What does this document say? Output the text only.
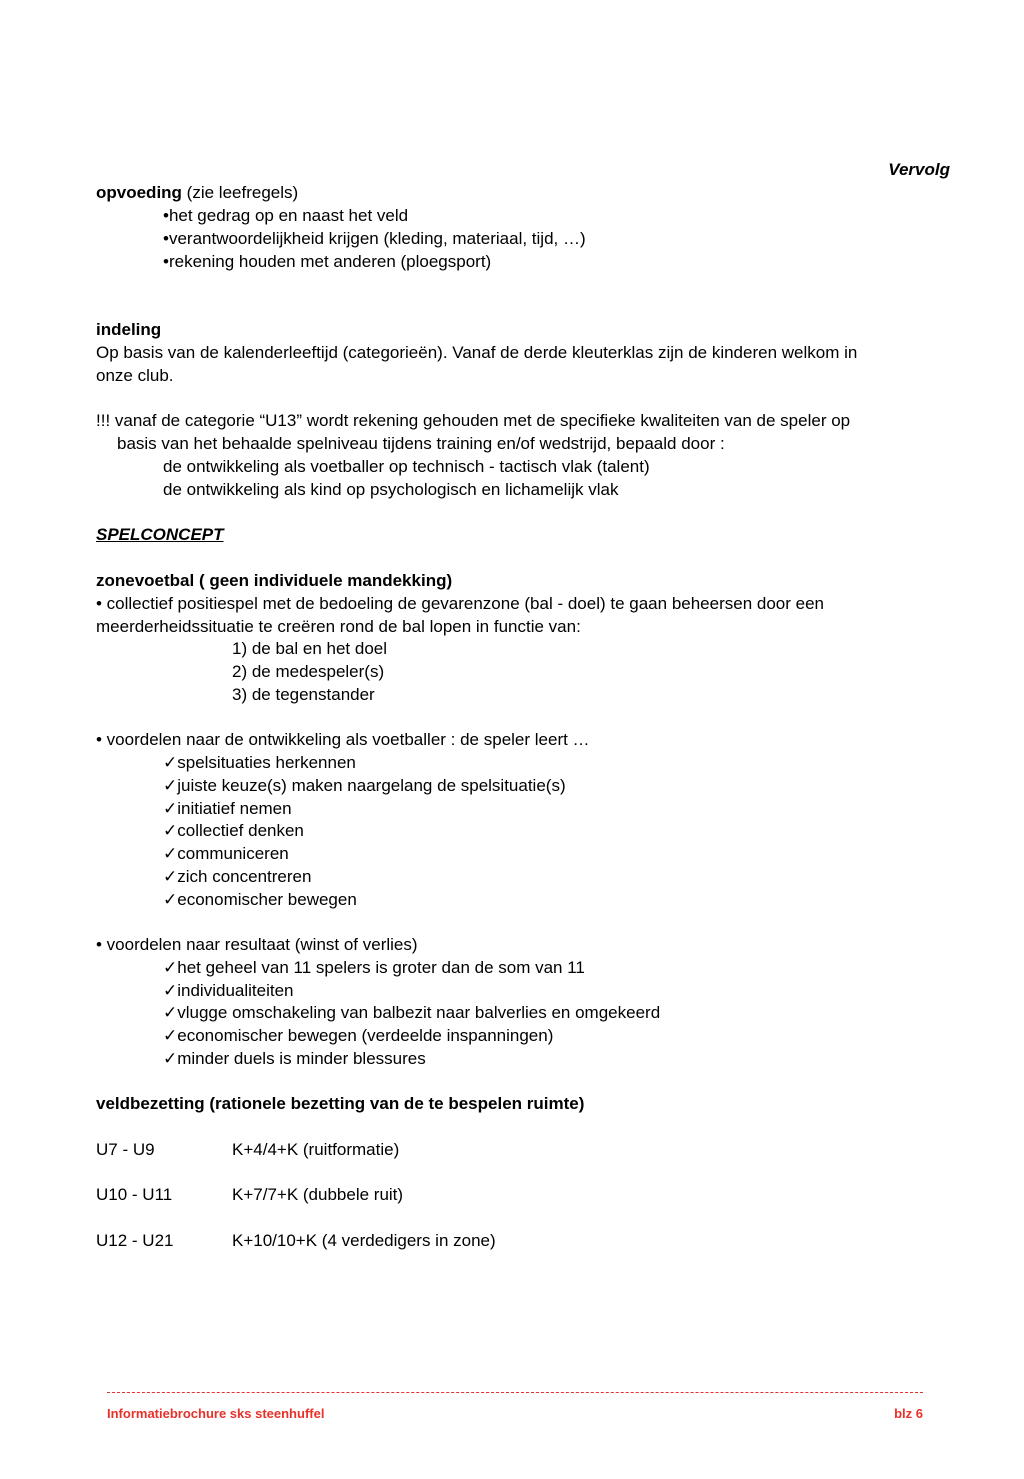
Vervolg
opvoeding (zie leefregels)
•het gedrag op en naast het veld
•verantwoordelijkheid krijgen (kleding, materiaal, tijd, …)
•rekening houden met anderen (ploegsport)
indeling
Op basis van de kalenderleeftijd (categorieën). Vanaf de derde kleuterklas zijn de kinderen welkom in
onze club.
!!! vanaf de categorie “U13” wordt rekening gehouden met de specifieke kwaliteiten van de speler op
basis van het behaalde spelniveau tijdens training en/of wedstrijd, bepaald door :
de ontwikkeling als voetballer op technisch - tactisch vlak (talent)
de ontwikkeling als kind op psychologisch en lichamelijk vlak
SPELCONCEPT
zonevoetbal ( geen individuele mandekking)
• collectief positiespel met de bedoeling de gevarenzone (bal - doel) te gaan beheersen door een
meerderheidssituatie te creëren rond de bal lopen in functie van:
1) de bal en het doel
2) de medespeler(s)
3) de tegenstander
• voordelen naar de ontwikkeling als voetballer : de speler leert …
✓spelsituaties herkennen
✓juiste keuze(s) maken naargelang de spelsituatie(s)
✓initiatief nemen
✓collectief denken
✓communiceren
✓zich concentreren
✓economischer bewegen
• voordelen naar resultaat (winst of verlies)
✓het geheel van 11 spelers is groter dan de som van 11
✓individualiteiten
✓vlugge omschakeling van balbezit naar balverlies en omgekeerd
✓economischer bewegen (verdeelde inspanningen)
✓minder duels is minder blessures
veldbezetting (rationele bezetting van de te bespelen ruimte)
U7 - U9	K+4/4+K (ruitformatie)
U10 - U11	K+7/7+K (dubbele ruit)
U12 - U21	K+10/10+K (4 verdedigers in zone)
Informatiebrochure sks steenhuffel	blz 6
